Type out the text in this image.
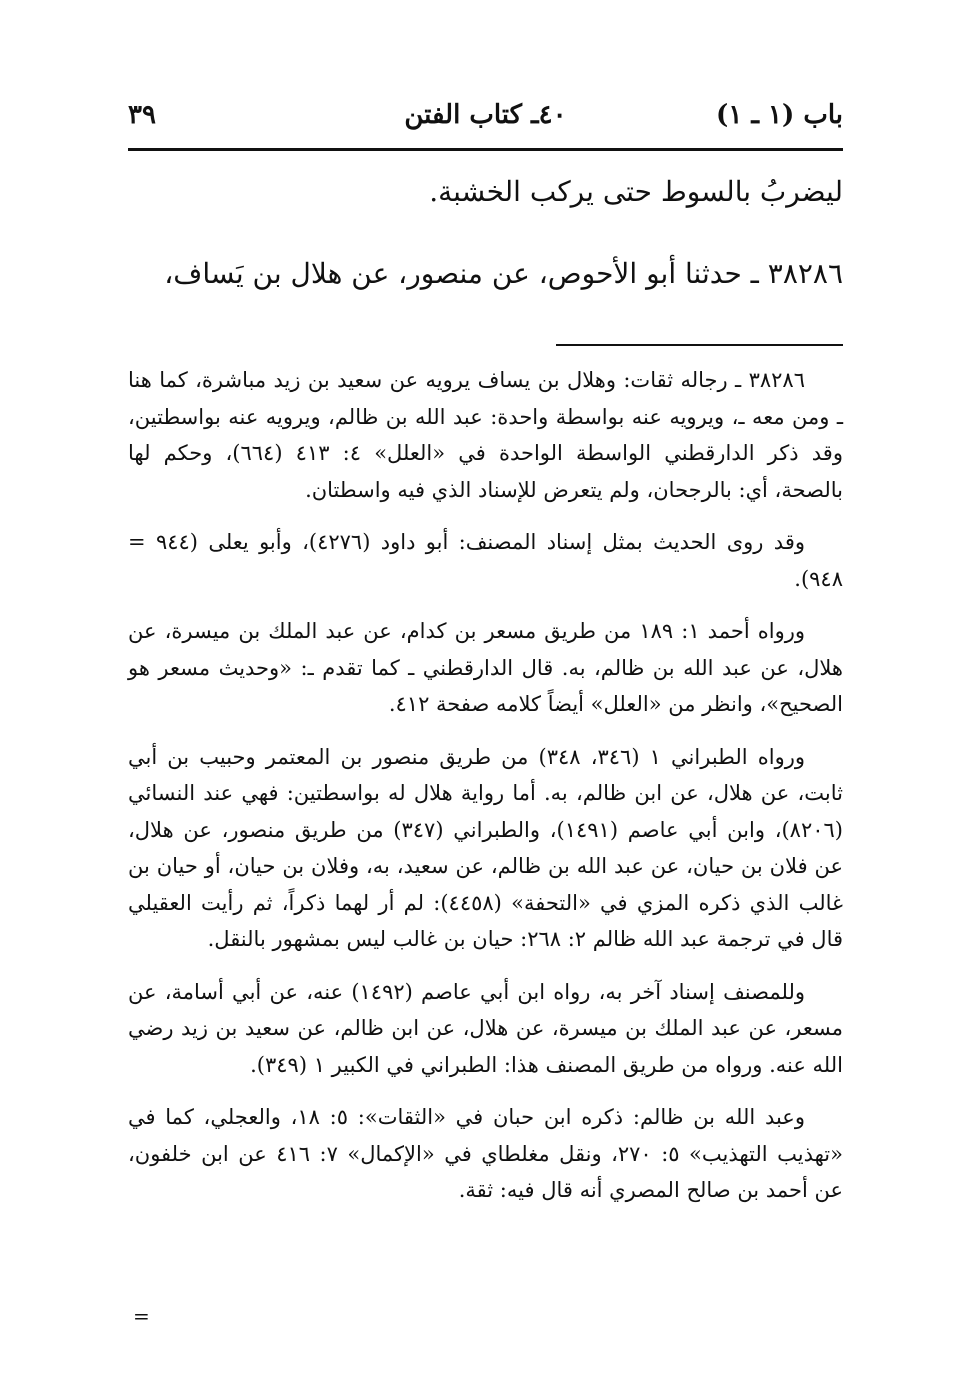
باب (١ ـ ١)
٤٠ـ كتاب الفتن
٣٩

ليضربُ بالسوط حتى يركب الخشبة.

٣٨٢٨٦ ـ حدثنا أبو الأحوص، عن منصور، عن هلال بن يَساف،

٣٨٢٨٦ ـ رجاله ثقات: وهلال بن يساف يرويه عن سعيد بن زيد مباشرة، كما هنا ـ ومن معه ـ، ويرويه عنه بواسطة واحدة: عبد الله بن ظالم، ويرويه عنه بواسطتين، وقد ذكر الدارقطني الواسطة الواحدة في «العلل» ٤: ٤١٣ (٦٦٤)، وحكم لها بالصحة، أي: بالرجحان، ولم يتعرض للإسناد الذي فيه واسطتان.

وقد روى الحديث بمثل إسناد المصنف: أبو داود (٤٢٧٦)، وأبو يعلى (٩٤٤ = ٩٤٨).

ورواه أحمد ١: ١٨٩ من طريق مسعر بن كدام، عن عبد الملك بن ميسرة، عن هلال، عن عبد الله بن ظالم، به. قال الدارقطني ـ كما تقدم ـ: «وحديث مسعر هو الصحيح»، وانظر من «العلل» أيضاً كلامه صفحة ٤١٢.

ورواه الطبراني ١ (٣٤٦، ٣٤٨) من طريق منصور بن المعتمر وحبيب بن أبي ثابت، عن هلال، عن ابن ظالم، به. أما رواية هلال له بواسطتين: فهي عند النسائي (٨٢٠٦)، وابن أبي عاصم (١٤٩١)، والطبراني (٣٤٧) من طريق منصور، عن هلال، عن فلان بن حيان، عن عبد الله بن ظالم، عن سعيد، به، وفلان بن حيان، أو حيان بن غالب الذي ذكره المزي في «التحفة» (٤٤٥٨): لم أر لهما ذكراً، ثم رأيت العقيلي قال في ترجمة عبد الله ظالم ٢: ٢٦٨: حيان بن غالب ليس بمشهور بالنقل.

وللمصنف إسناد آخر به، رواه ابن أبي عاصم (١٤٩٢) عنه، عن أبي أسامة، عن مسعر، عن عبد الملك بن ميسرة، عن هلال، عن ابن ظالم، عن سعيد بن زيد رضي الله عنه. ورواه من طريق المصنف هذا: الطبراني في الكبير ١ (٣٤٩).

وعبد الله بن ظالم: ذكره ابن حبان في «الثقات»: ٥: ١٨، والعجلي، كما في «تهذيب التهذيب» ٥: ٢٧٠، ونقل مغلطاي في «الإكمال» ٧: ٤١٦ عن ابن خلفون، عن أحمد بن صالح المصري أنه قال فيه: ثقة.

=
